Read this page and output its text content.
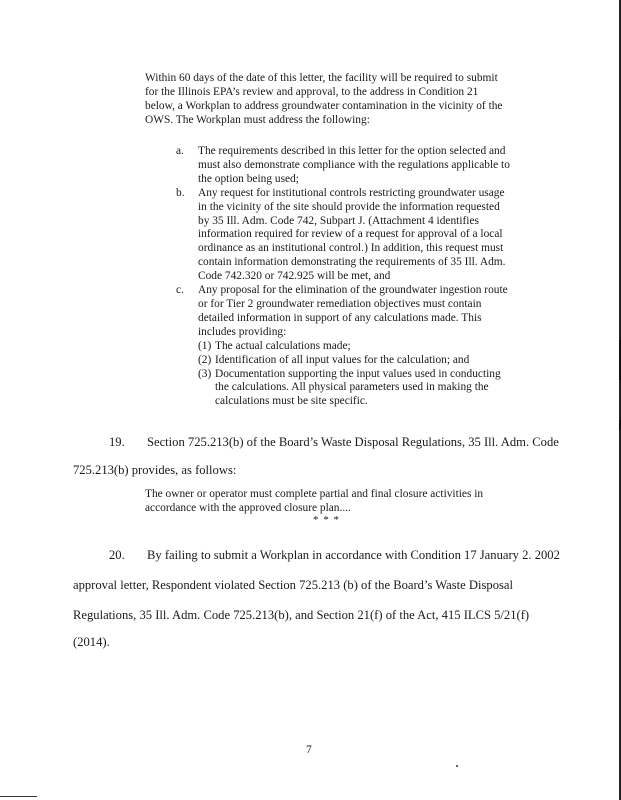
Within 60 days of the date of this letter, the facility will be required to submit for the Illinois EPA’s review and approval, to the address in Condition 21 below, a Workplan to address groundwater contamination in the vicinity of the OWS. The Workplan must address the following:

a. The requirements described in this letter for the option selected and must also demonstrate compliance with the regulations applicable to the option being used;
b. Any request for institutional controls restricting groundwater usage in the vicinity of the site should provide the information requested by 35 Ill. Adm. Code 742, Subpart J. (Attachment 4 identifies information required for review of a request for approval of a local ordinance as an institutional control.) In addition, this request must contain information demonstrating the requirements of 35 Ill. Adm. Code 742.320 or 742.925 will be met, and
c. Any proposal for the elimination of the groundwater ingestion route or for Tier 2 groundwater remediation objectives must contain detailed information in support of any calculations made. This includes providing:
(1) The actual calculations made;
(2) Identification of all input values for the calculation; and
(3) Documentation supporting the input values used in conducting the calculations. All physical parameters used in making the calculations must be site specific.

19. Section 725.213(b) of the Board’s Waste Disposal Regulations, 35 Ill. Adm. Code

725.213(b) provides, as follows:

The owner or operator must complete partial and final closure activities in accordance with the approved closure plan....

* * *

20. By failing to submit a Workplan in accordance with Condition 17 January 2. 2002

approval letter, Respondent violated Section 725.213 (b) of the Board’s Waste Disposal

Regulations, 35 Ill. Adm. Code 725.213(b), and Section 21(f) of the Act, 415 ILCS 5/21(f)

(2014).

7
